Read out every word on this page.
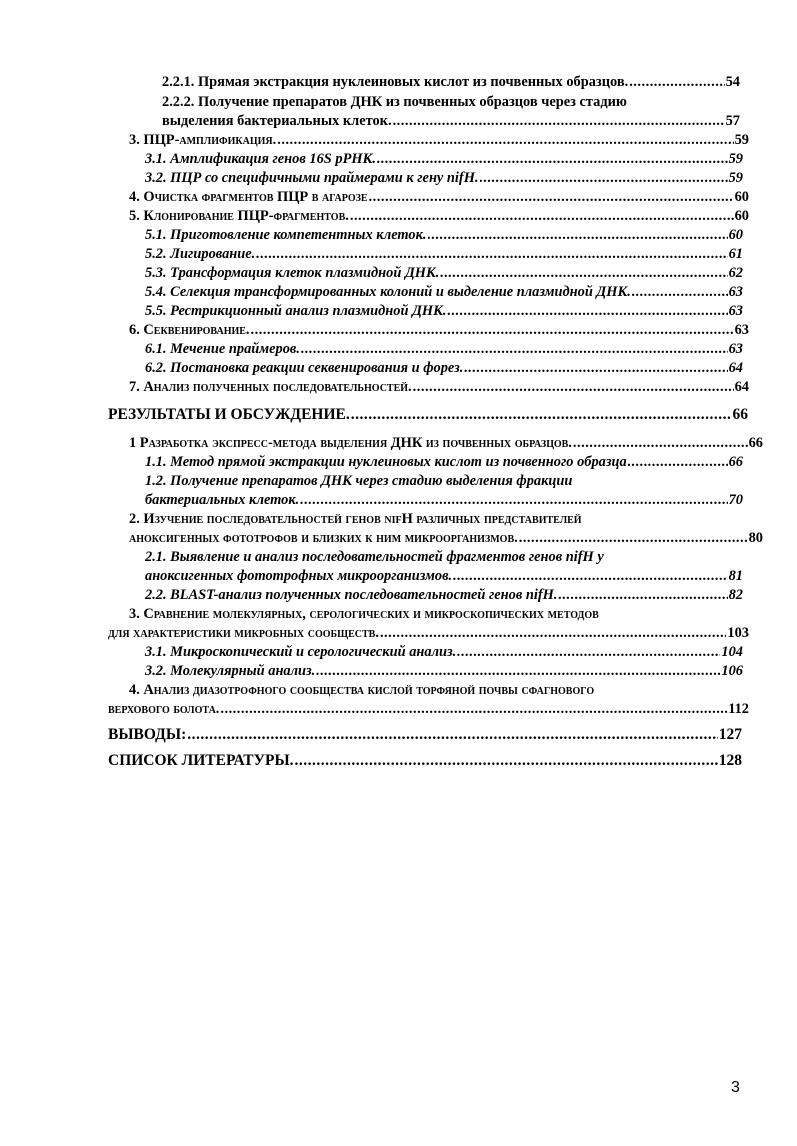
2.2.1. Прямая экстракция нуклеиновых кислот из почвенных образцов. .....	54
2.2.2. Получение препаратов ДНК из почвенных образцов через стадию
выделения бактериальных клеток. .....	57
3. ПЦР-амплификация. .....	59
3.1. Амплификация генов 16S рРНК. .....	59
3.2. ПЦР со специфичными праймерами к гену nifH. .....	59
4. Очистка фрагментов ПЦР в агарозе .....	60
5. Клонирование ПЦР-фрагментов. .....	60
5.1. Приготовление компетентных клеток. .....	60
5.2. Лигирование. .....	61
5.3. Трансформация клеток плазмидной ДНК. .....	62
5.4. Селекция трансформированных колоний и выделение плазмидной ДНК. .....	63
5.5. Рестрикционный анализ плазмидной ДНК. .....	63
6. Секвенирование. .....	63
6.1. Мечение праймеров. .....	63
6.2. Постановка реакции секвенирования и форез. .....	64
7. Анализ полученных последовательностей. .....	64
РЕЗУЛЬТАТЫ И ОБСУЖДЕНИЕ. .....	66
1 Разработка экспресс-метода выделения ДНК из почвенных образцов. .....	66
1.1. Метод прямой экстракции нуклеиновых кислот из почвенного образца .....	66
1.2. Получение препаратов ДНК через стадию выделения фракции
бактериальных клеток. .....	70
2. Изучение последовательностей генов nifH различных представителей
аноксигенных фототрофов и близких к ним микроорганизмов. .....	80
2.1. Выявление и анализ последовательностей фрагментов генов nifH у
аноксигенных фототрофных микроорганизмов. .....	81
2.2. BLAST-анализ полученных последовательностей генов nifH. .....	82
3. Сравнение молекулярных, серологических и микроскопических методов
для характеристики микробных сообществ. .....	103
3.1. Микроскопический и серологический анализ. .....	104
3.2. Молекулярный анализ. .....	106
4. Анализ диазотрофного сообщества кислой торфяной почвы сфагнового
верхового болота. .....	112
ВЫВОДЫ: .....	127
СПИСОК ЛИТЕРАТУРЫ. .....	128
3
